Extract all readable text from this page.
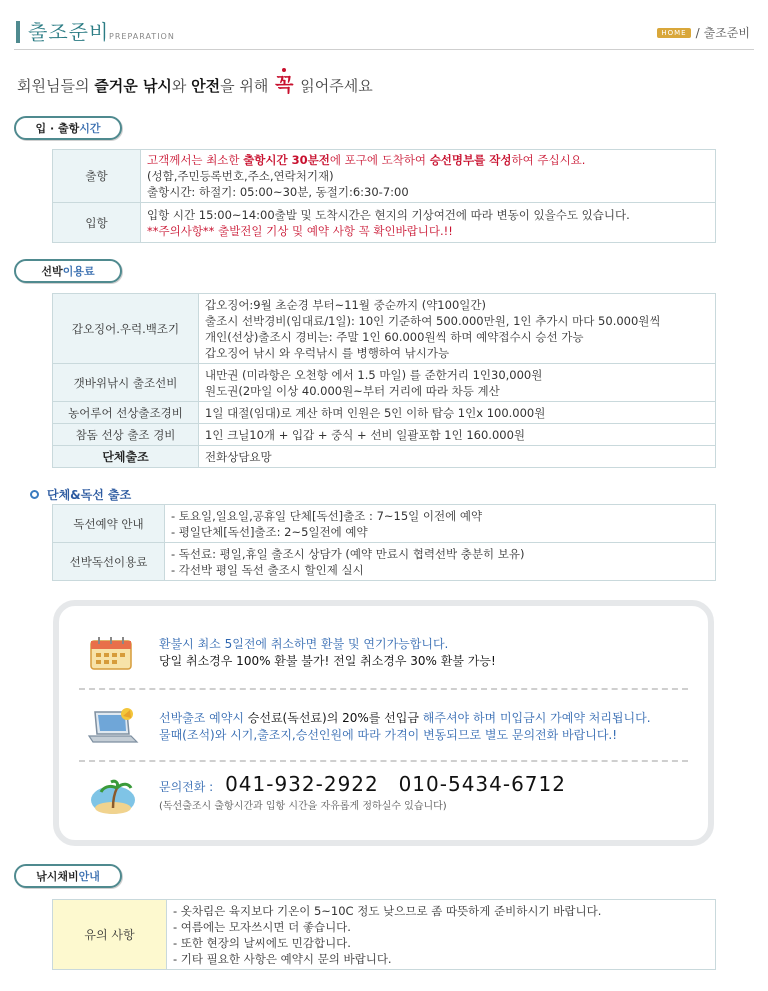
출조준비 PREPARATION	HOME / 출조준비
회원님들의 즐거운 낚시와 안전을 위해 꼭 읽어주세요
입 · 출항 시간
출항	고객께서는 최소한 출항시간 30분전에 포구에 도착하여 승선명부를 작성하여 주십시요.
(성함,주민등록번호,주소,연락처기재)
출항시간: 하절기: 05:00~30분, 동절기:6:30-7:00

입항	입항 시간 15:00~14:00출발 및 도착시간은 현지의 기상여건에 따라 변동이 있을수도 있습니다.
**주의사항** 출발전일 기상 및 예약 사항 꼭 확인바랍니다.!!
선박 이용료
갑오징어.우럭.백조기	갑오징어:9월 초순경 부터~11월 중순까지 (약100일간)
출조시 선박경비(임대료/1일): 10인 기준하여 500.000만원, 1인 추가시 마다 50.000원씩
개인(선상)출조시 경비는: 주말 1인 60.000원씩 하며 예약접수시 승선 가능
갑오징어 낚시 와 우럭낚시 를 병행하여 낚시가능

갯바위낚시 출조선비	내만권 (미라항은 오천항 에서 1.5 마일) 를 준한거리 1인30,000원
원도권(2마일 이상 40.000원~부터 거리에 따라 차등 계산

농어루어 선상출조경비	1일 대절(임대)로 계산 하며 인원은 5인 이하 탑승 1인x 100.000원
참돔 선상 출조 경비	1인 크닐10개 + 입갑 + 중식 + 선비 일괄포함 1인 160.000원
단체출조	전화상담요망
단체&독선 출조
독선예약 안내	- 토요일,일요일,공휴일 단체[독선]출조 : 7~15일 이전에 예약
- 평일단체[독선]출조: 2~5일전에 예약

선박독선이용료	- 독선료: 평일,휴일 출조시 상담가 (예약 만료시 협력선박 충분히 보유)
- 각선박 평일 독선 출조시 할인제 실시
환불시 최소 5일전에 취소하면 환불 및 연기가능합니다.
당일 취소경우 100% 환불 불가! 전일 취소경우 30% 환불 가능!
선박출조 예약시 승선료(독선료)의 20%를 선입금 해주셔야 하며 미입금시 가예약 처리됩니다.
물때(조석)와 시기,출조지,승선인원에 따라 가격이 변동되므로 별도 문의전화 바랍니다.!
문의전화 : 041-932-2922 010-5434-6712
(독선출조시 출항시간과 입항 시간을 자유롭게 정하실수 있습니다)
낚시채비 안내
유의 사항	
- 옷차림은 육지보다 기온이 5~10C 정도 낮으므로 좀 따뜻하게 준비하시기 바랍니다.
- 여름에는 모자쓰시면 더 좋습니다.
- 또한 현장의 날씨에도 민감합니다.
- 기타 필요한 사항은 예약시 문의 바랍니다.
